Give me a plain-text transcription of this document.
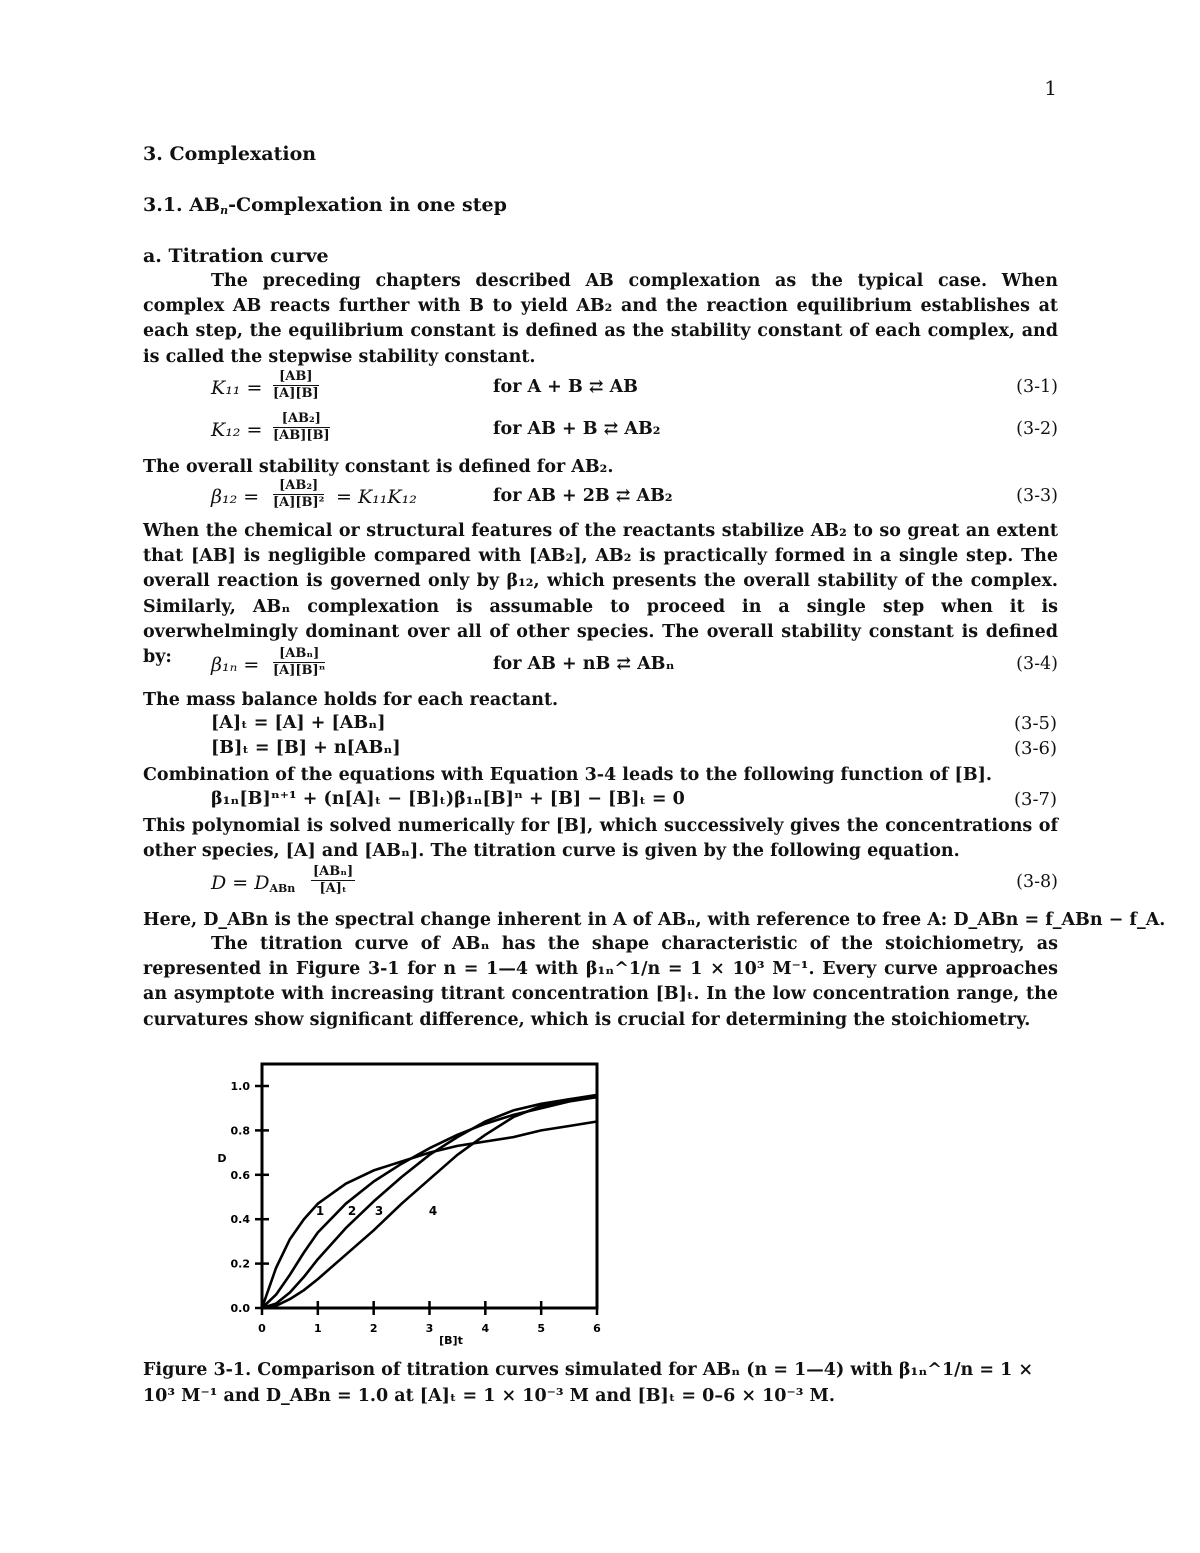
1
3. Complexation
3.1. $AB_n$-Complexation in one step
a. Titration curve
The preceding chapters described AB complexation as the typical case. When complex AB reacts further with B to yield AB₂ and the reaction equilibrium establishes at each step, the equilibrium constant is defined as the stability constant of each complex, and is called the stepwise stability constant.
$K_{11} = \frac{[AB]}{[A][B]}$	for A + B ⇄ AB	(3-1)
$K_{12} = \frac{\text{[AB₂]}}{[AB][B]}$	for AB + B ⇄ AB₂	(3-2)
The overall stability constant is defined for AB₂.
$\beta_{12} = \frac{\text{[AB₂]}}{\text{[A][B]²}} = K_{11}K_{12}$	for AB + 2B ⇄ AB₂	(3-3)
When the chemical or structural features of the reactants stabilize AB₂ to so great an extent that [AB] is negligible compared with [AB₂], AB₂ is practically formed in a single step. The overall reaction is governed only by β₁₂, which presents the overall stability of the complex. Similarly, ABₙ complexation is assumable to proceed in a single step when it is overwhelmingly dominant over all of other species. The overall stability constant is defined by:	β₁ₙ =
[ABₙ]
[A][B]ⁿ	for AB + nB ⇄ ABₙ	(3-4)
The mass balance holds for each reactant.
[A]ₜ = [A] + [ABₙ]	(3-5)
[B]ₜ = [B] + n[ABₙ]	(3-6)
Combination of the equations with Equation 3-4 leads to the following function of [B].
β₁ₙ[B]ⁿ⁺¹ + (n[A]ₜ − [B]ₜ)β₁ₙ[B]ⁿ + [B] − [B]ₜ = 0	(3-7)
This polynomial is solved numerically for [B], which successively gives the concentrations of other species, [A] and [ABₙ]. The titration curve is given by the following equation.
$D = D_{ABn}$
[ABₙ]
[A]ₜ	(3-8)
Here, D_ABn is the spectral change inherent in A of ABₙ, with reference to free A: D_ABn = f_ABn − f_A.
The titration curve of ABₙ has the shape characteristic of the stoichiometry, as represented in Figure 3-1 for n = 1—4 with β₁ₙ^1/n = 1 × 10³ M⁻¹. Every curve approaches an asymptote with increasing titrant concentration [B]ₜ. In the low concentration range, the curvatures show significant difference, which is crucial for determining the stoichiometry.
0.0
0.2
0.4
0.6
0.8
1.0
0	1	2	3	4	5	6
D
[B]t
1 2 3	4
Figure 3-1. Comparison of titration curves simulated for ABₙ (n = 1—4) with β₁ₙ^1/n = 1 × 10³ M⁻¹ and D_ABn = 1.0 at [A]ₜ = 1 × 10⁻³ M and [B]ₜ = 0–6 × 10⁻³ M.
